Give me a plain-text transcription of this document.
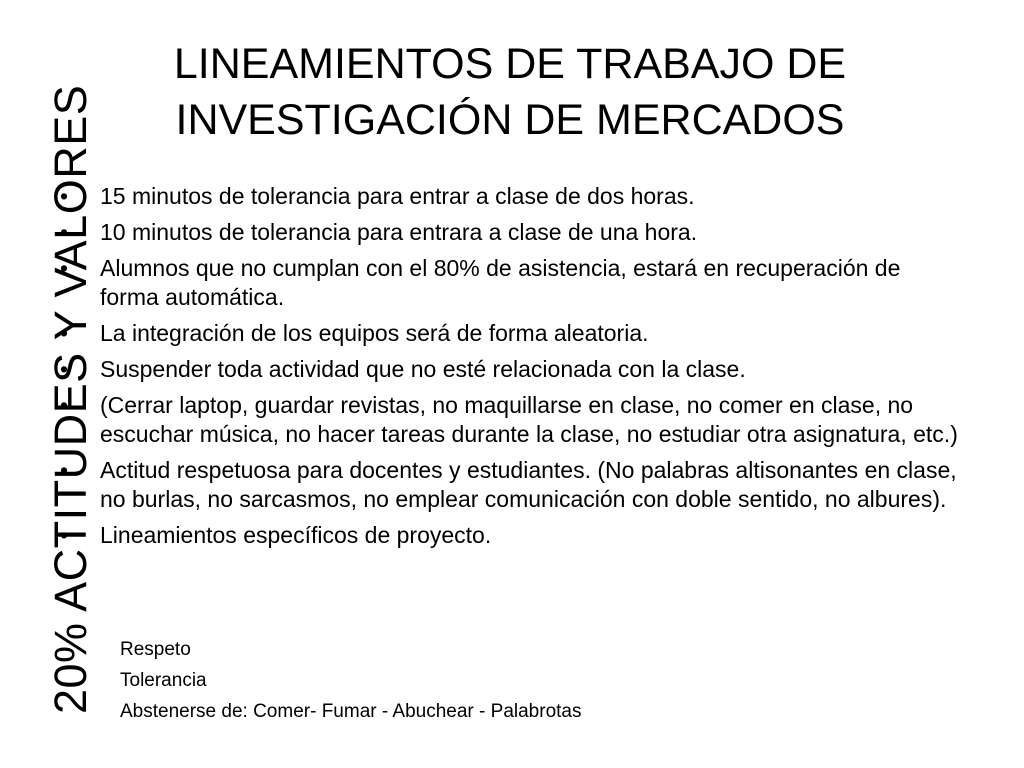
20% ACTITUDES Y VALORES
LINEAMIENTOS DE TRABAJO DE
INVESTIGACIÓN DE MERCADOS
• 15 minutos de tolerancia para entrar a clase de dos horas.
• 10 minutos de tolerancia para entrara a clase de una hora.
• Alumnos que no cumplan con el 80% de asistencia, estará en recuperación de forma automática.
• La integración de los equipos será de forma aleatoria.
• Suspender toda actividad que no esté relacionada con la clase.
• (Cerrar laptop, guardar revistas, no maquillarse en clase, no comer en clase, no escuchar música, no hacer tareas durante la clase, no estudiar otra asignatura, etc.)
• Actitud respetuosa para docentes y estudiantes. (No palabras altisonantes en clase, no burlas, no sarcasmos, no emplear comunicación con doble sentido, no albures).
• Lineamientos específicos de proyecto.
Respeto
Tolerancia
Abstenerse de: Comer- Fumar - Abuchear - Palabrotas
